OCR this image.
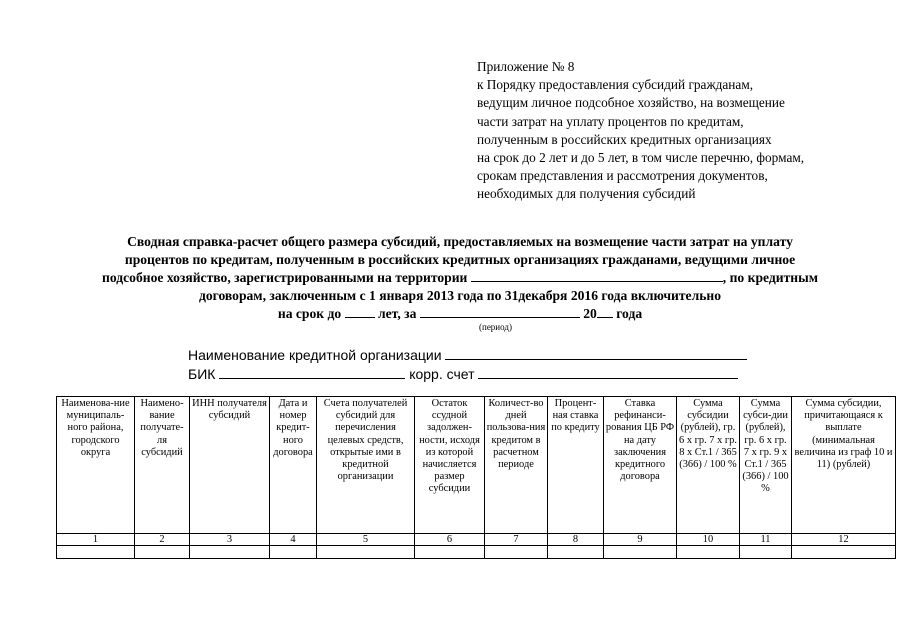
Приложение № 8
к Порядку предоставления субсидий гражданам,
ведущим личное подсобное хозяйство, на возмещение
части затрат на уплату процентов по кредитам,
полученным в российских кредитных организациях
на срок до 2 лет и до 5 лет, в том числе перечню, формам,
срокам представления и рассмотрения документов,
необходимых для получения субсидий
Сводная справка-расчет общего размера субсидий, предоставляемых на возмещение части затрат на уплату
процентов по кредитам, полученным в российских кредитных организациях гражданами, ведущими личное
подсобное хозяйство, зарегистрированными на территории	, по кредитным
договорам, заключенным с 1 января 2013 года по 31декабря 2016 года включительно
на срок до	лет, за	20 года
(период)
Наименование кредитной организации
БИК	корр. счет
Наименова-ние муниципаль-ного района, городского округа	Наимено-вание получате-ля субсидий	ИНН получателя субсидий	Дата и номер кредит-ного договора	Счета получателей субсидий для перечисления целевых средств, открытые ими в кредитной организации	Остаток ссудной задолжен-ности, исходя из которой начисляется размер субсидии	Количест-во дней пользова-ния кредитом в расчетном периоде	Процент-ная ставка по кредиту	Ставка рефинанси-рования ЦБ РФ на дату заключения кредитного договора	Сумма субсидии (рублей), гр. 6 х гр. 7 х гр. 8 х Ст.1 / 365 (366) / 100 %	Сумма субси-дии (рублей), гр. 6 х гр. 7 х гр. 9 х Ст.1 / 365 (366) / 100 %	Сумма субсидии, причитающаяся к выплате (минимальная величина из граф 10 и 11) (рублей)
1	2	3	4	5	6	7	8	9	10	11	12
